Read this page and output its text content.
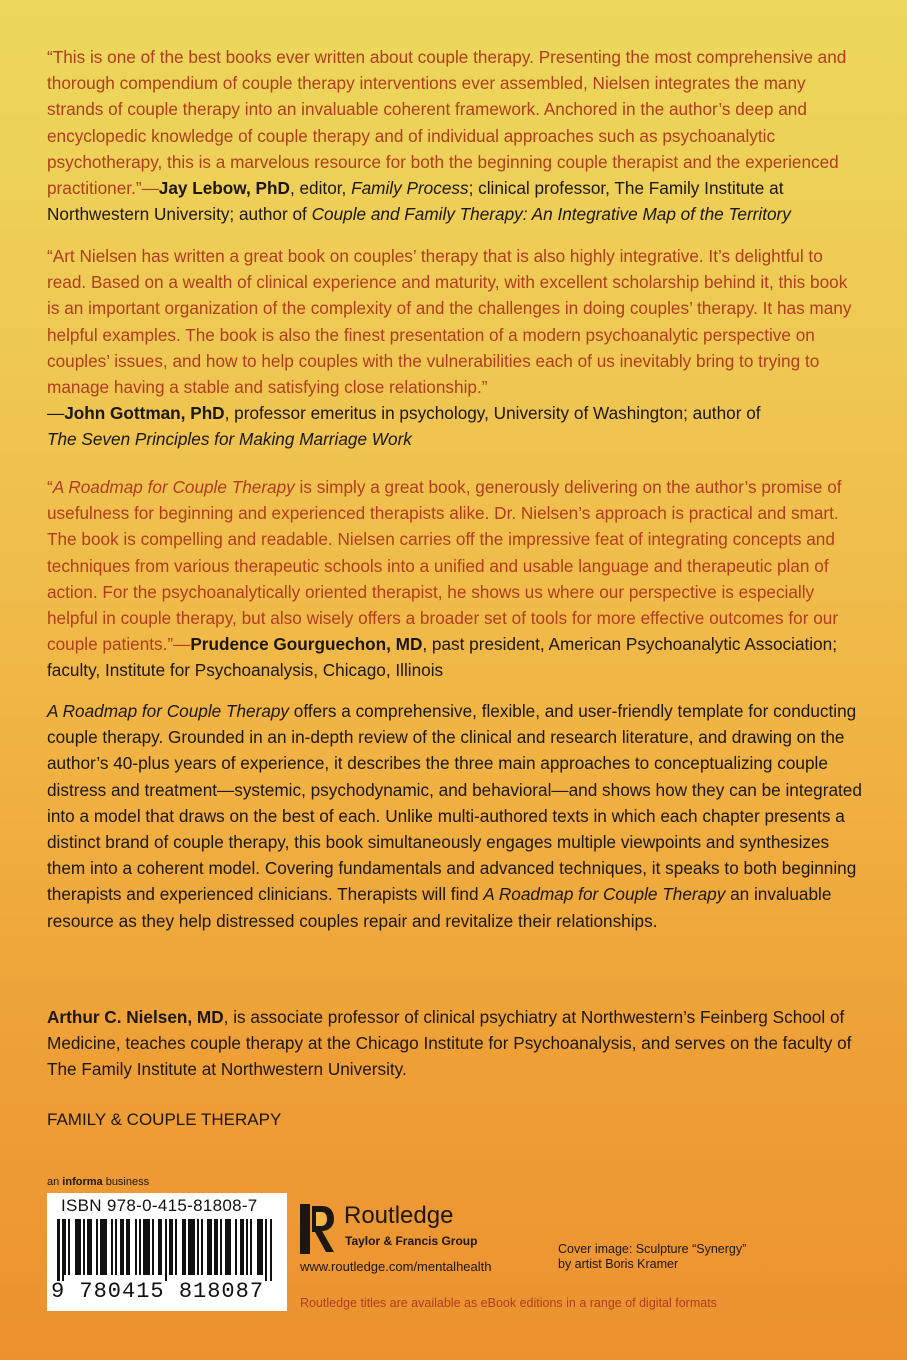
“This is one of the best books ever written about couple therapy. Presenting the most comprehensive and thorough compendium of couple therapy interventions ever assembled, Nielsen integrates the many strands of couple therapy into an invaluable coherent framework. Anchored in the author’s deep and encyclopedic knowledge of couple therapy and of individual approaches such as psychoanalytic psychotherapy, this is a marvelous resource for both the beginning couple therapist and the experienced practitioner.”—Jay Lebow, PhD, editor, Family Process; clinical professor, The Family Institute at Northwestern University; author of Couple and Family Therapy: An Integrative Map of the Territory

“Art Nielsen has written a great book on couples’ therapy that is also highly integrative. It’s delightful to read. Based on a wealth of clinical experience and maturity, with excellent scholarship behind it, this book is an important organization of the complexity of and the challenges in doing couples’ therapy. It has many helpful examples. The book is also the finest presentation of a modern psychoanalytic perspective on couples’ issues, and how to help couples with the vulnerabilities each of us inevitably bring to trying to manage having a stable and satisfying close relationship.”
—John Gottman, PhD, professor emeritus in psychology, University of Washington; author of
The Seven Principles for Making Marriage Work

“A Roadmap for Couple Therapy is simply a great book, generously delivering on the author’s promise of usefulness for beginning and experienced therapists alike. Dr. Nielsen’s approach is practical and smart. The book is compelling and readable. Nielsen carries off the impressive feat of integrating concepts and techniques from various therapeutic schools into a unified and usable language and therapeutic plan of action. For the psychoanalytically oriented therapist, he shows us where our perspective is especially helpful in couple therapy, but also wisely offers a broader set of tools for more effective outcomes for our couple patients.”—Prudence Gourguechon, MD, past president, American Psychoanalytic Association; faculty, Institute for Psychoanalysis, Chicago, Illinois

A Roadmap for Couple Therapy offers a comprehensive, flexible, and user-friendly template for conducting couple therapy. Grounded in an in-depth review of the clinical and research literature, and drawing on the author’s 40-plus years of experience, it describes the three main approaches to conceptualizing couple distress and treatment—systemic, psychodynamic, and behavioral—and shows how they can be integrated into a model that draws on the best of each. Unlike multi-authored texts in which each chapter presents a distinct brand of couple therapy, this book simultaneously engages multiple viewpoints and synthesizes them into a coherent model. Covering fundamentals and advanced techniques, it speaks to both beginning therapists and experienced clinicians. Therapists will find A Roadmap for Couple Therapy an invaluable resource as they help distressed couples repair and revitalize their relationships.

Arthur C. Nielsen, MD, is associate professor of clinical psychiatry at Northwestern’s Feinberg School of Medicine, teaches couple therapy at the Chicago Institute for Psychoanalysis, and serves on the faculty of The Family Institute at Northwestern University.

FAMILY & COUPLE THERAPY
an informa business
ISBN 978-0-415-81808-7
9 780415 818087
Routledge
Taylor & Francis Group
www.routledge.com/mentalhealth
Cover image: Sculpture “Synergy”
by artist Boris Kramer
Routledge titles are available as eBook editions in a range of digital formats
